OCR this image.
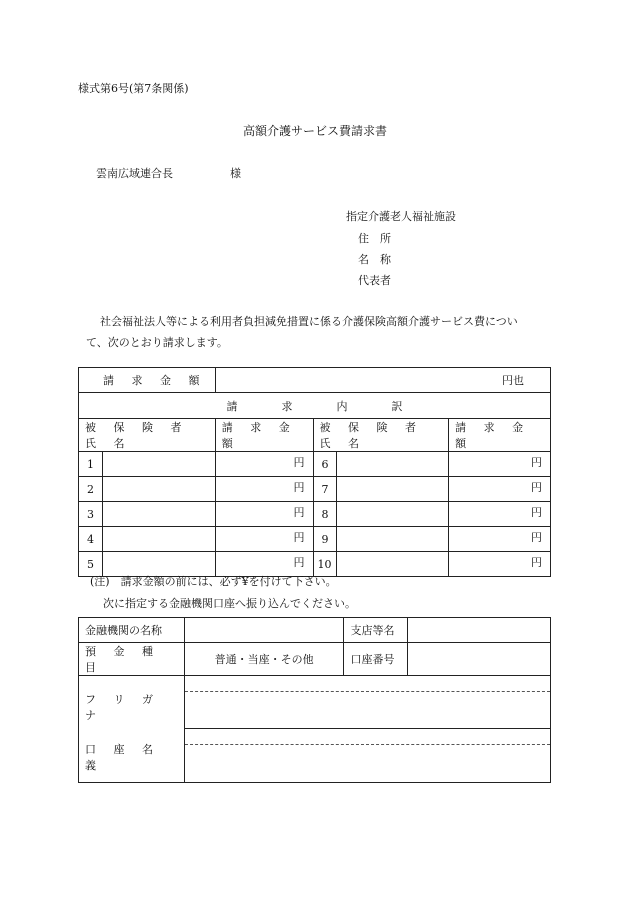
様式第6号(第7条関係)
高額介護サービス費請求書
雲南広域連合長	様
指定介護老人福祉施設
住　所
名　称
代表者
社会福祉法人等による利用者負担減免措置に係る介護保険高額介護サービス費につい
て、次のとおり請求します。
請 求 金 額		円也			
請　　　　求　　　　内　　　　訳					
被 保 険 者 氏 名		請 求 金 額	被 保 険 者 氏 名		請 求 金 額
1		円	6		円
2		円	7		円
3		円	8		円
4		円	9		円
5		円	10		円
(注)　請求金額の前には、必ず¥を付けて下さい。
次に指定する金融機関口座へ振り込んでください。
金融機関の名称		支店等名	
預 金 種 目	普通・当座・その他	口座番号	

フ リ ガ ナ
口 座 名 義			
